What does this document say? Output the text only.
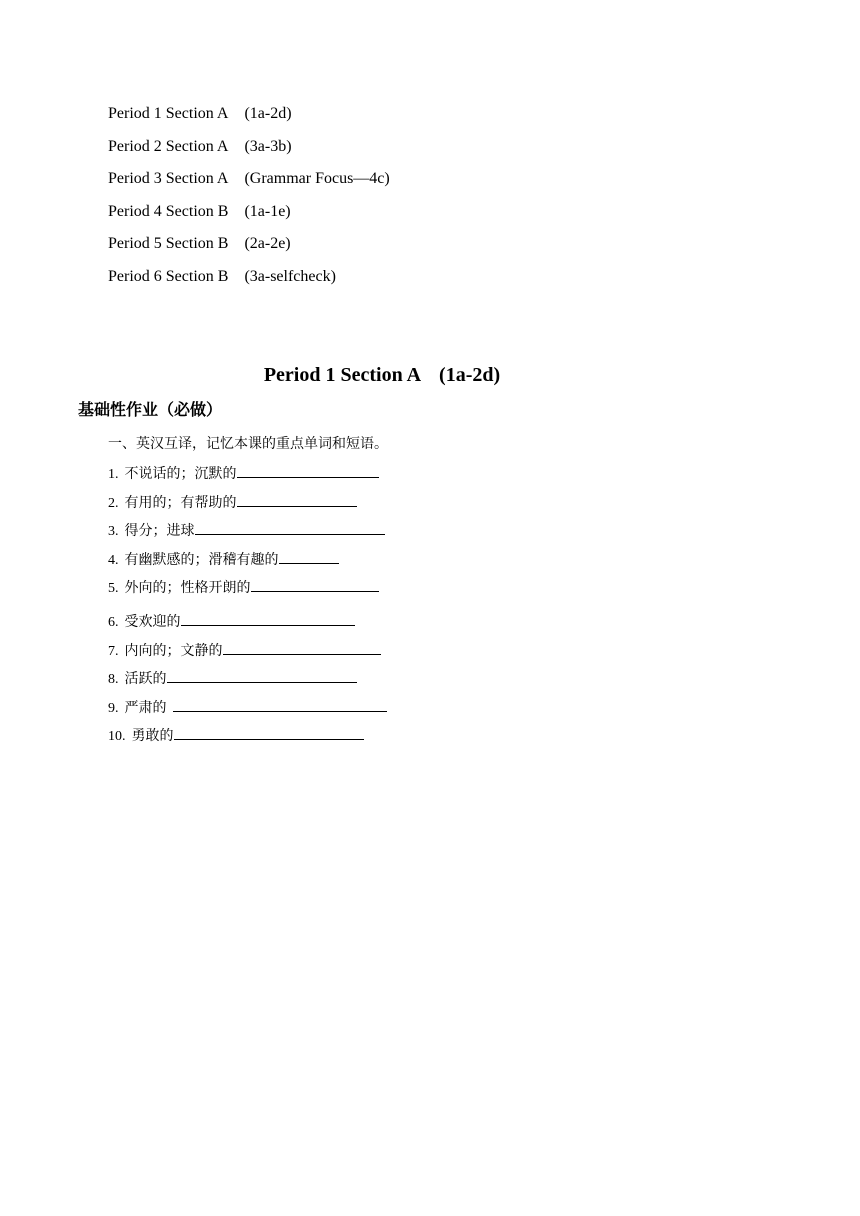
Period 1 Section A (1a-2d)
Period 2 Section A (3a-3b)
Period 3 Section A (Grammar Focus—4c)
Period 4 Section B (1a-1e)
Period 5 Section B (2a-2e)
Period 6 Section B (3a-selfcheck)
Period 1 Section A (1a-2d)
基础性作业（必做）
一、英汉互译，记忆本课的重点单词和短语。
1. 不说话的；沉默的
2. 有用的；有帮助的
3. 得分；进球
4. 有幽默感的；滑稽有趣的
5. 外向的；性格开朗的
6. 受欢迎的
7. 内向的；文静的
8. 活跃的
9. 严肃的
10. 勇敢的
